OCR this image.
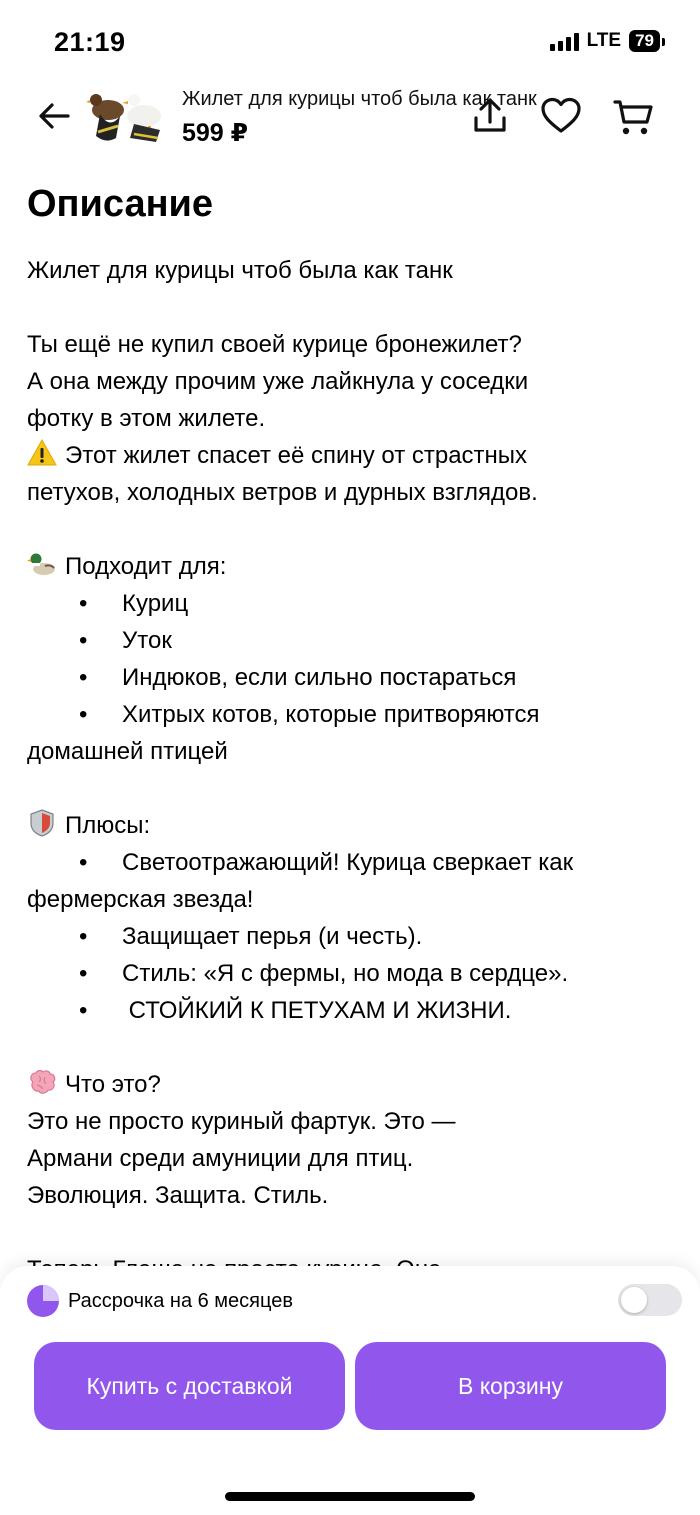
21:19	LTE 79
Жилет для курицы чтоб была как танк
599 ₽
Описание

Жилет для курицы чтоб была как танк

Ты ещё не купил своей курице бронежилет?

А она между прочим уже лайкнула у соседки

фотку в этом жилете.

Этот жилет спасет её спину от страстных

петухов, холодных ветров и дурных взглядов.

Подходит для:

• Куриц

• Уток

• Индюков, если сильно постараться

• Хитрых котов, которые притворяются

домашней птицей

Плюсы:

• Светоотражающий! Курица сверкает как

фермерская звезда!

• Защищает перья (и честь).

• Стиль: «Я с фермы, но мода в сердце».

•  СТОЙКИЙ К ПЕТУХАМ И ЖИЗНИ.

Что это?

Это не просто куриный фартук. Это —

Армани среди амуниции для птиц.

Эволюция. Защита. Стиль.

Рассрочка на 6 месяцев
Купить с доставкой	В корзину
